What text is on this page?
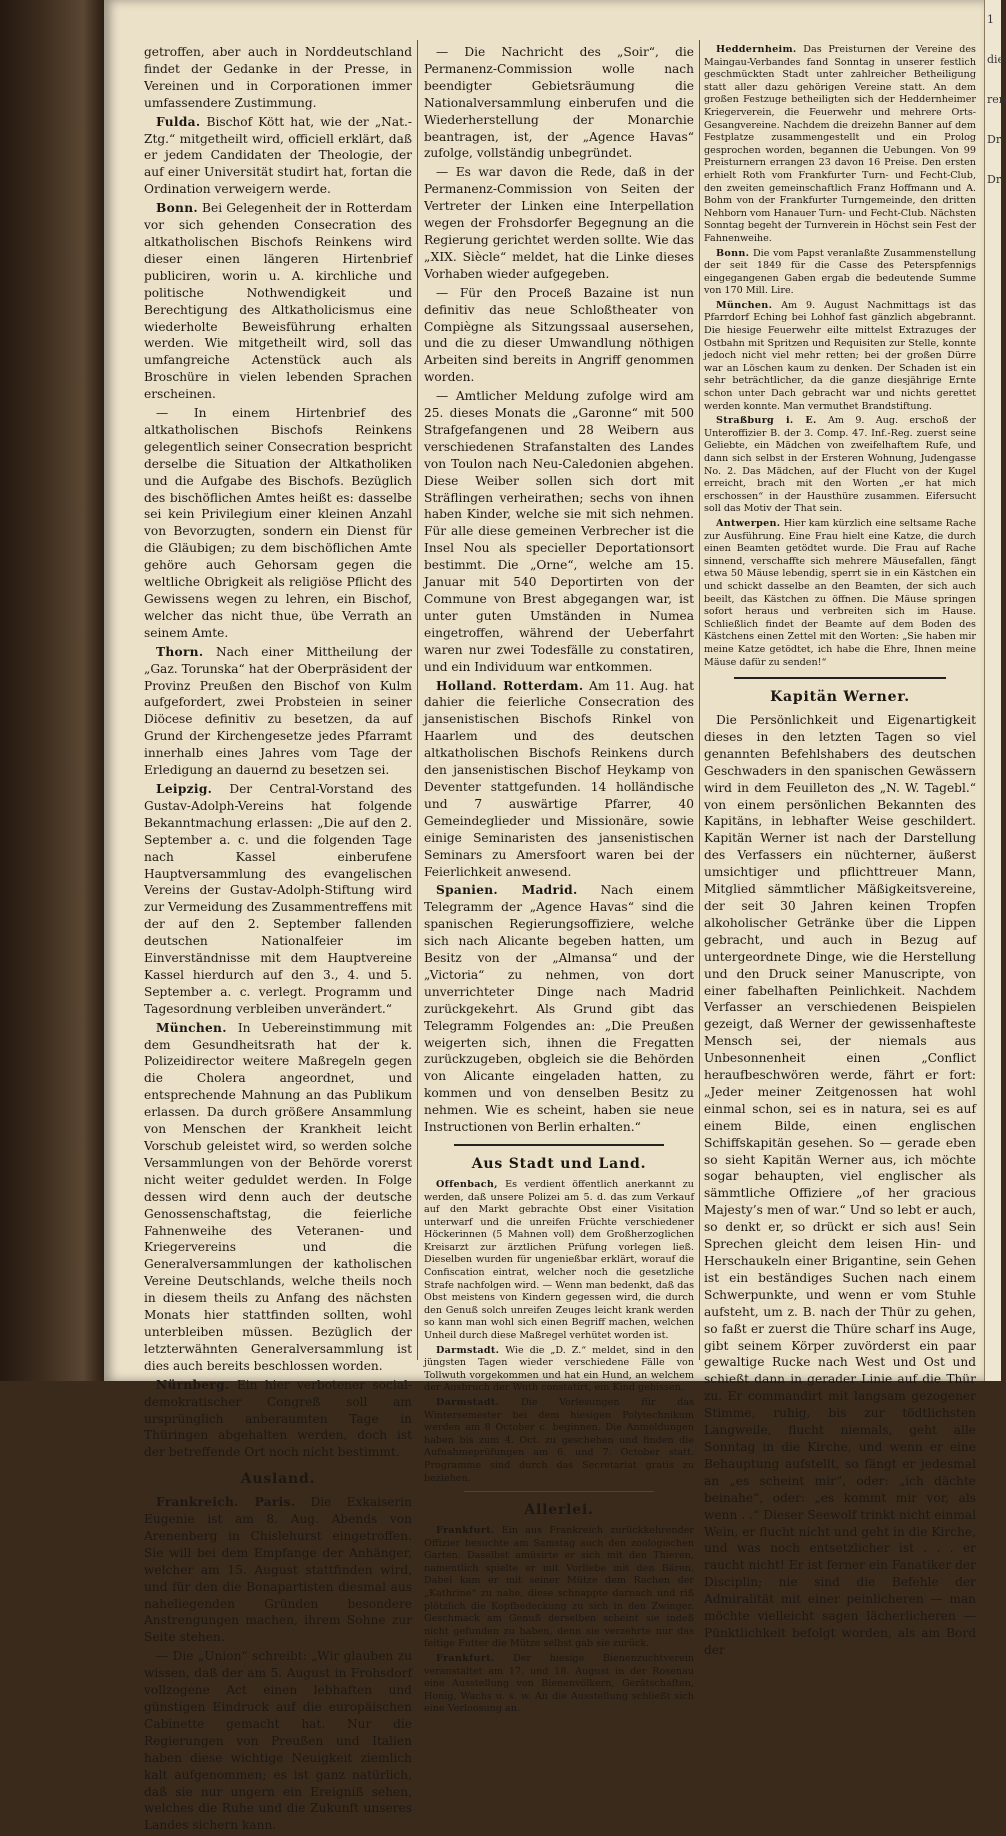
getroffen, aber auch in Norddeutschland findet der Gedanke in der Presse, in Vereinen und in Corporationen immer umfassendere Zustimmung.

Fulda. Bischof Kött hat, wie der „Nat.-Ztg.“ mitgetheilt wird, officiell erklärt, daß er jedem Candidaten der Theologie, der auf einer Universität studirt hat, fortan die Ordination verweigern werde.

Bonn. Bei Gelegenheit der in Rotterdam vor sich gehenden Consecration des altkatholischen Bischofs Reinkens wird dieser einen längeren Hirtenbrief publiciren, worin u. A. kirchliche und politische Nothwendigkeit und Berechtigung des Altkatholicismus eine wiederholte Beweisführung erhalten werden. Wie mitgetheilt wird, soll das umfangreiche Actenstück auch als Broschüre in vielen lebenden Sprachen erscheinen.

— In einem Hirtenbrief des altkatholischen Bischofs Reinkens gelegentlich seiner Consecration bespricht derselbe die Situation der Altkatholiken und die Aufgabe des Bischofs. Bezüglich des bischöflichen Amtes heißt es: dasselbe sei kein Privilegium einer kleinen Anzahl von Bevorzugten, sondern ein Dienst für die Gläubigen; zu dem bischöflichen Amte gehöre auch Gehorsam gegen die weltliche Obrigkeit als religiöse Pflicht des Gewissens wegen zu lehren, ein Bischof, welcher das nicht thue, übe Verrath an seinem Amte.

Thorn. Nach einer Mittheilung der „Gaz. Torunska“ hat der Oberpräsident der Provinz Preußen den Bischof von Kulm aufgefordert, zwei Probsteien in seiner Diöcese definitiv zu besetzen, da auf Grund der Kirchengesetze jedes Pfarramt innerhalb eines Jahres vom Tage der Erledigung an dauernd zu besetzen sei.

Leipzig. Der Central-Vorstand des Gustav-Adolph-Vereins hat folgende Bekanntmachung erlassen: „Die auf den 2. September a. c. und die folgenden Tage nach Kassel einberufene Hauptversammlung des evangelischen Vereins der Gustav-Adolph-Stiftung wird zur Vermeidung des Zusammentreffens mit der auf den 2. September fallenden deutschen Nationalfeier im Einverständnisse mit dem Hauptvereine Kassel hierdurch auf den 3., 4. und 5. September a. c. verlegt. Programm und Tagesordnung verbleiben unverändert.“

München. In Uebereinstimmung mit dem Gesundheitsrath hat der k. Polizeidirector weitere Maßregeln gegen die Cholera angeordnet, und entsprechende Mahnung an das Publikum erlassen. Da durch größere Ansammlung von Menschen der Krankheit leicht Vorschub geleistet wird, so werden solche Versammlungen von der Behörde vorerst nicht weiter geduldet werden. In Folge dessen wird denn auch der deutsche Genossenschaftstag, die feierliche Fahnenweihe des Veteranen- und Kriegervereins und die Generalversammlungen der katholischen Vereine Deutschlands, welche theils noch in diesem theils zu Anfang des nächsten Monats hier stattfinden sollten, wohl unterbleiben müssen. Bezüglich der letzterwähnten Generalversammlung ist dies auch bereits beschlossen worden.

Nürnberg. Ein hier verbotener social-demokratischer Congreß soll am ursprünglich anberaumten Tage in Thüringen abgehalten werden, doch ist der betreffende Ort noch nicht bestimmt.

Ausland.

Frankreich. Paris. Die Exkaiserin Eugenie ist am 8. Aug. Abends von Arenenberg in Chislehurst eingetroffen. Sie will bei dem Empfange der Anhänger, welcher am 15. August stattfinden wird, und für den die Bonapartisten diesmal aus naheliegenden Gründen besondere Anstrengungen machen, ihrem Sohne zur Seite stehen.

— Die „Union“ schreibt: „Wir glauben zu wissen, daß der am 5. August in Frohsdorf vollzogene Act einen lebhaften und günstigen Eindruck auf die europäischen Cabinette gemacht hat. Nur die Regierungen von Preußen und Italien haben diese wichtige Neuigkeit ziemlich kalt aufgenommen; es ist ganz natürlich, daß sie nur ungern ein Ereigniß sehen, welches die Ruhe und die Zukunft unseres Landes sichern kann.

— Die Nachricht des „Soir“, die Permanenz-Commission wolle nach beendigter Gebietsräumung die Nationalversammlung einberufen und die Wiederherstellung der Monarchie beantragen, ist, der „Agence Havas“ zufolge, vollständig unbegründet.

— Es war davon die Rede, daß in der Permanenz-Commission von Seiten der Vertreter der Linken eine Interpellation wegen der Frohsdorfer Begegnung an die Regierung gerichtet werden sollte. Wie das „XIX. Siècle“ meldet, hat die Linke dieses Vorhaben wieder aufgegeben.

— Für den Proceß Bazaine ist nun definitiv das neue Schloßtheater von Compiègne als Sitzungssaal ausersehen, und die zu dieser Umwandlung nöthigen Arbeiten sind bereits in Angriff genommen worden.

— Amtlicher Meldung zufolge wird am 25. dieses Monats die „Garonne“ mit 500 Strafgefangenen und 28 Weibern aus verschiedenen Strafanstalten des Landes von Toulon nach Neu-Caledonien abgehen. Diese Weiber sollen sich dort mit Sträflingen verheirathen; sechs von ihnen haben Kinder, welche sie mit sich nehmen. Für alle diese gemeinen Verbrecher ist die Insel Nou als specieller Deportationsort bestimmt. Die „Orne“, welche am 15. Januar mit 540 Deportirten von der Commune von Brest abgegangen war, ist unter guten Umständen in Numea eingetroffen, während der Ueberfahrt waren nur zwei Todesfälle zu constatiren, und ein Individuum war entkommen.

Holland. Rotterdam. Am 11. Aug. hat dahier die feierliche Consecration des jansenistischen Bischofs Rinkel von Haarlem und des deutschen altkatholischen Bischofs Reinkens durch den jansenistischen Bischof Heykamp von Deventer stattgefunden. 14 holländische und 7 auswärtige Pfarrer, 40 Gemeindeglieder und Missionäre, sowie einige Seminaristen des jansenistischen Seminars zu Amersfoort waren bei der Feierlichkeit anwesend.

Spanien. Madrid. Nach einem Telegramm der „Agence Havas“ sind die spanischen Regierungsoffiziere, welche sich nach Alicante begeben hatten, um Besitz von der „Almansa“ und der „Victoria“ zu nehmen, von dort unverrichteter Dinge nach Madrid zurückgekehrt. Als Grund gibt das Telegramm Folgendes an: „Die Preußen weigerten sich, ihnen die Fregatten zurückzugeben, obgleich sie die Behörden von Alicante eingeladen hatten, zu kommen und von denselben Besitz zu nehmen. Wie es scheint, haben sie neue Instructionen von Berlin erhalten.“

Aus Stadt und Land.

Offenbach, Es verdient öffentlich anerkannt zu werden, daß unsere Polizei am 5. d. das zum Verkauf auf den Markt gebrachte Obst einer Visitation unterwarf und die unreifen Früchte verschiedener Höckerinnen (5 Mahnen voll) dem Großherzoglichen Kreisarzt zur ärztlichen Prüfung vorlegen ließ. Dieselben wurden für ungenießbar erklärt, worauf die Confiscation eintrat, welcher noch die gesetzliche Strafe nachfolgen wird. — Wenn man bedenkt, daß das Obst meistens von Kindern gegessen wird, die durch den Genuß solch unreifen Zeuges leicht krank werden so kann man wohl sich einen Begriff machen, welchen Unheil durch diese Maßregel verhütet worden ist.

Darmstadt. Wie die „D. Z.“ meldet, sind in den jüngsten Tagen wieder verschiedene Fälle von Tollwuth vorgekommen und hat ein Hund, an welchem der Ausbruch der Wuth constatirt, ein Kind gebissen.

Darmstadt. Die Vorlesungen für das Wintersemester bei dem hiesigen Polytechnikum werden am 8 October c. beginnen. Die Anmeldungen haben bis zum 4. Oct. zu geschehen und finden die Aufnahmeprüfungen am 6. und 7. October statt. Programme sind durch das Secretariat gratis zu beziehen.

Allerlei.

Frankfurt. Ein aus Frankreich zurückkehrender Offizier besuchte am Samstag auch den zoologischen Garten. Daselbst amüsirte er sich mit den Thieren, namentlich spielte er mit Vorliebe mit den Bären. Dabei kam er mit seiner Mütze dem Rachen der „Kathrine“ zu nahe, diese schnappte darnach und riß plötzlich die Kopfbedeckung zu sich in den Zwinger. Geschmack am Genuß derselben scheint sie indeß nicht gefunden zu haben, denn sie verzehrte nur das feitige Futter die Mütze selbst gab sie zurück.

Frankfurt. Der hiesige Bienenzuchtverein veranstaltet am 17. und 18. August in der Rosenau eine Ausstellung von Bienenvölkern, Gerätschaften, Honig, Wachs u. s. w. An die Ausstellung schließt sich eine Verloosung an.

Heddernheim. Das Preisturnen der Vereine des Maingau-Verbandes fand Sonntag in unserer festlich geschmückten Stadt unter zahlreicher Betheiligung statt aller dazu gehörigen Vereine statt. An dem großen Festzuge betheiligten sich der Heddernheimer Kriegerverein, die Feuerwehr und mehrere Orts-Gesangvereine. Nachdem die dreizehn Banner auf dem Festplatze zusammengestellt und ein Prolog gesprochen worden, begannen die Uebungen. Von 99 Preisturnern errangen 23 davon 16 Preise. Den ersten erhielt Roth vom Frankfurter Turn- und Fecht-Club, den zweiten gemeinschaftlich Franz Hoffmann und A. Bohm von der Frankfurter Turngemeinde, den dritten Nehborn vom Hanauer Turn- und Fecht-Club. Nächsten Sonntag begeht der Turnverein in Höchst sein Fest der Fahnenweihe.

Bonn. Die vom Papst veranlaßte Zusammenstellung der seit 1849 für die Casse des Peterspfennigs eingegangenen Gaben ergab die bedeutende Summe von 170 Mill. Lire.

München. Am 9. August Nachmittags ist das Pfarrdorf Eching bei Lohhof fast gänzlich abgebrannt. Die hiesige Feuerwehr eilte mittelst Extrazuges der Ostbahn mit Spritzen und Requisiten zur Stelle, konnte jedoch nicht viel mehr retten; bei der großen Dürre war an Löschen kaum zu denken. Der Schaden ist ein sehr beträchtlicher, da die ganze diesjährige Ernte schon unter Dach gebracht war und nichts gerettet werden konnte. Man vermuthet Brandstiftung.

Straßburg i. E. Am 9. Aug. erschoß der Unteroffizier B. der 3. Comp. 47. Inf.-Reg. zuerst seine Geliebte, ein Mädchen von zweifelhaftem Rufe, und dann sich selbst in der Ersteren Wohnung, Judengasse No. 2. Das Mädchen, auf der Flucht von der Kugel erreicht, brach mit den Worten „er hat mich erschossen“ in der Hausthüre zusammen. Eifersucht soll das Motiv der That sein.

Antwerpen. Hier kam kürzlich eine seltsame Rache zur Ausführung. Eine Frau hielt eine Katze, die durch einen Beamten getödtet wurde. Die Frau auf Rache sinnend, verschaffte sich mehrere Mäusefallen, fängt etwa 50 Mäuse lebendig, sperrt sie in ein Kästchen ein und schickt dasselbe an den Beamten, der sich auch beeilt, das Kästchen zu öffnen. Die Mäuse springen sofort heraus und verbreiten sich im Hause. Schließlich findet der Beamte auf dem Boden des Kästchens einen Zettel mit den Worten: „Sie haben mir meine Katze getödtet, ich habe die Ehre, Ihnen meine Mäuse dafür zu senden!“

Kapitän Werner.

Die Persönlichkeit und Eigenartigkeit dieses in den letzten Tagen so viel genannten Befehlshabers des deutschen Geschwaders in den spanischen Gewässern wird in dem Feuilleton des „N. W. Tagebl.“ von einem persönlichen Bekannten des Kapitäns, in lebhafter Weise geschildert. Kapitän Werner ist nach der Darstellung des Verfassers ein nüchterner, äußerst umsichtiger und pflichttreuer Mann, Mitglied sämmtlicher Mäßigkeitsvereine, der seit 30 Jahren keinen Tropfen alkoholischer Getränke über die Lippen gebracht, und auch in Bezug auf untergeordnete Dinge, wie die Herstellung und den Druck seiner Manuscripte, von einer fabelhaften Peinlichkeit. Nachdem Verfasser an verschiedenen Beispielen gezeigt, daß Werner der gewissenhafteste Mensch sei, der niemals aus Unbesonnenheit einen „Conflict heraufbeschwören werde, fährt er fort: „Jeder meiner Zeitgenossen hat wohl einmal schon, sei es in natura, sei es auf einem Bilde, einen englischen Schiffskapitän gesehen. So — gerade eben so sieht Kapitän Werner aus, ich möchte sogar behaupten, viel englischer als sämmtliche Offiziere „of her gracious Majesty’s men of war.“ Und so lebt er auch, so denkt er, so drückt er sich aus! Sein Sprechen gleicht dem leisen Hin- und Herschaukeln einer Brigantine, sein Gehen ist ein beständiges Suchen nach einem Schwerpunkte, und wenn er vom Stuhle aufsteht, um z. B. nach der Thür zu gehen, so faßt er zuerst die Thüre scharf ins Auge, gibt seinem Körper zuvörderst ein paar gewaltige Rucke nach West und Ost und schießt dann in gerader Linie auf die Thür zu. Er commandirt mit langsam gezogener Stimme, ruhig, bis zur tödtlichsten Langweile, flucht niemals, geht alle Sonntag in die Kirche, und wenn er eine Behauptung aufstellt, so fängt er jedesmal an „es scheint mir“, oder: „ich dächte beinahe“, oder: „es kommt mir vor, als wenn . .“ Dieser Seewolf trinkt nicht einmal Wein, er flucht nicht und geht in die Kirche, und was noch entsetzlicher ist . . . er raucht nicht! Er ist ferner ein Fanatiker der Disciplin; nie sind die Befehle der Admiralität mit einer peinlicheren — man möchte vielleicht sagen lächerlicheren — Pünktlichkeit befolgt worden, als am Bord der

1
die
ren
Dr.
Dr.
